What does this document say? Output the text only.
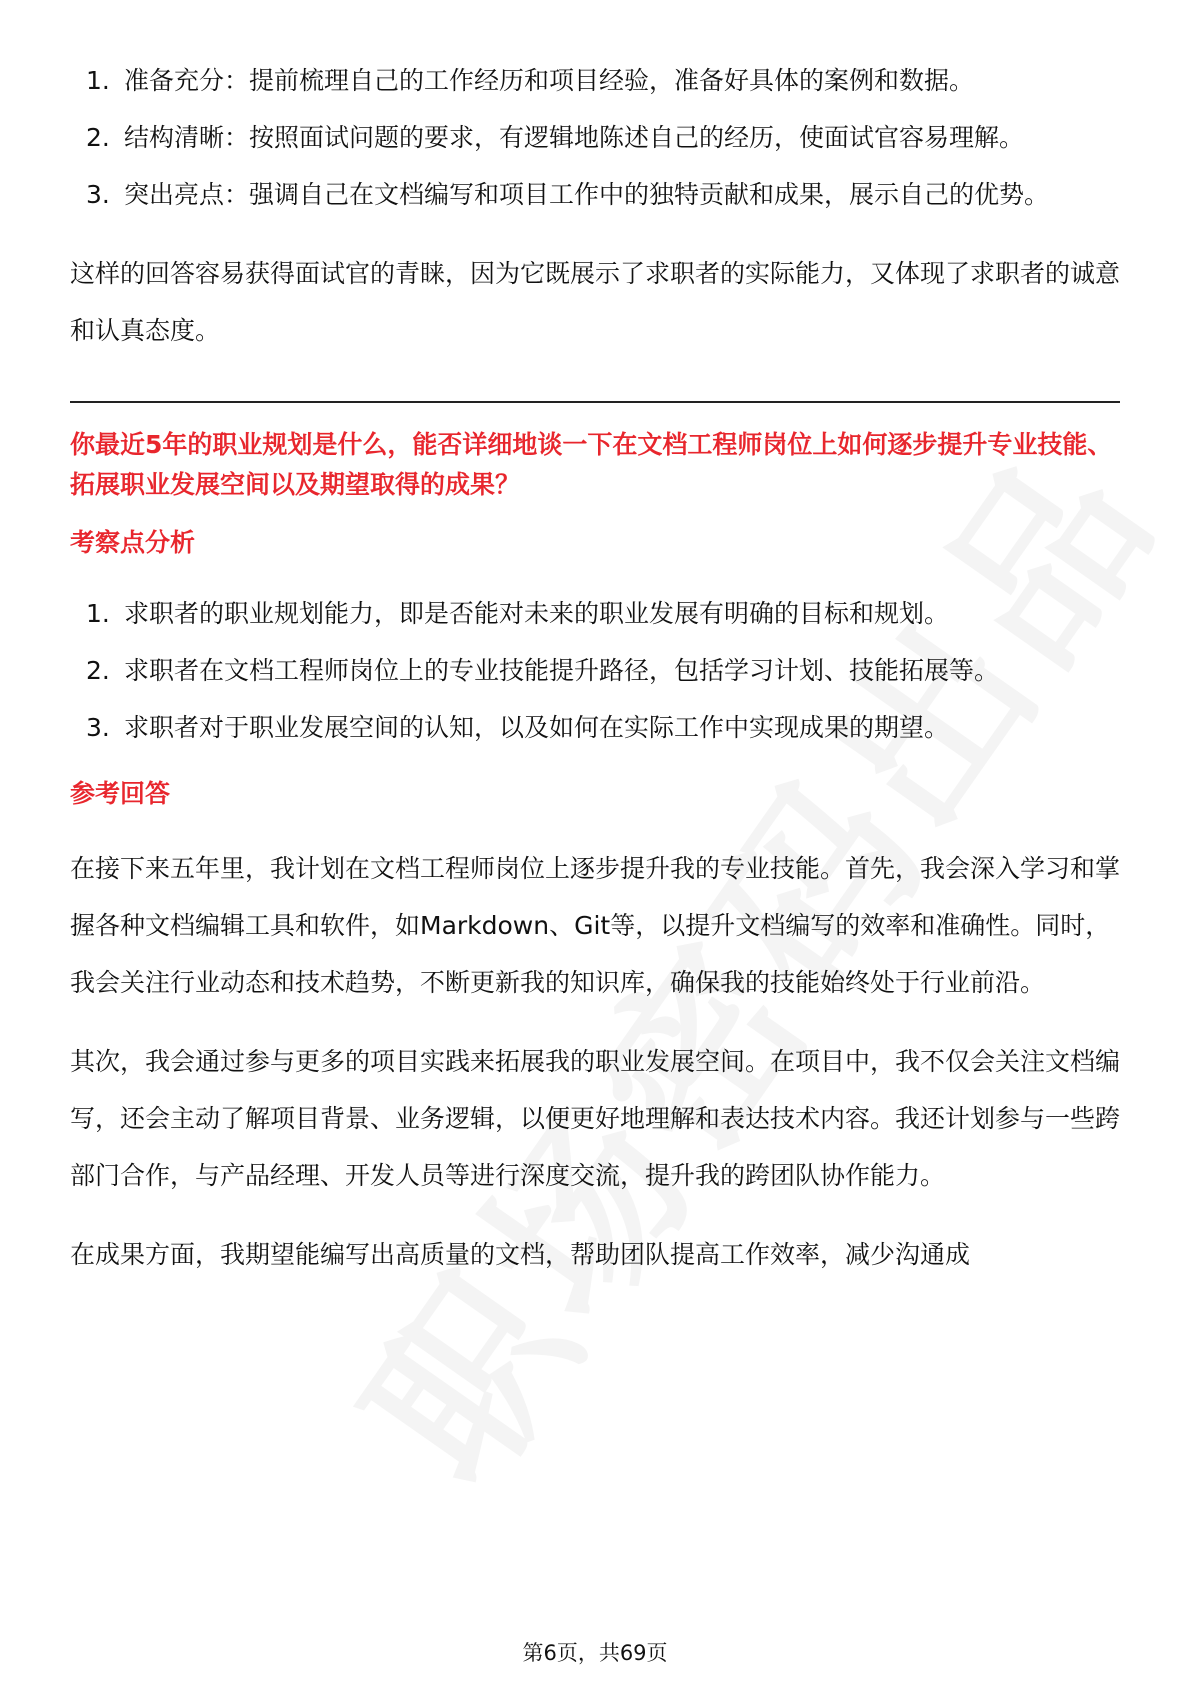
1. 准备充分：提前梳理自己的工作经历和项目经验，准备好具体的案例和数据。
2. 结构清晰：按照面试问题的要求，有逻辑地陈述自己的经历，使面试官容易理解。
3. 突出亮点：强调自己在文档编写和项目工作中的独特贡献和成果，展示自己的优势。

这样的回答容易获得面试官的青睐，因为它既展示了求职者的实际能力，又体现了求职者的诚意和认真态度。

你最近5年的职业规划是什么，能否详细地谈一下在文档工程师岗位上如何逐步提升专业技能、拓展职业发展空间以及期望取得的成果？

考察点分析

1. 求职者的职业规划能力，即是否能对未来的职业发展有明确的目标和规划。
2. 求职者在文档工程师岗位上的专业技能提升路径，包括学习计划、技能拓展等。
3. 求职者对于职业发展空间的认知，以及如何在实际工作中实现成果的期望。

参考回答

在接下来五年里，我计划在文档工程师岗位上逐步提升我的专业技能。首先，我会深入学习和掌握各种文档编辑工具和软件，如Markdown、Git等，以提升文档编写的效率和准确性。同时，我会关注行业动态和技术趋势，不断更新我的知识库，确保我的技能始终处于行业前沿。

其次，我会通过参与更多的项目实践来拓展我的职业发展空间。在项目中，我不仅会关注文档编写，还会主动了解项目背景、业务逻辑，以便更好地理解和表达技术内容。我还计划参与一些跨部门合作，与产品经理、开发人员等进行深度交流，提升我的跨团队协作能力。

在成果方面，我期望能编写出高质量的文档，帮助团队提高工作效率，减少沟通成

第6页，共69页
